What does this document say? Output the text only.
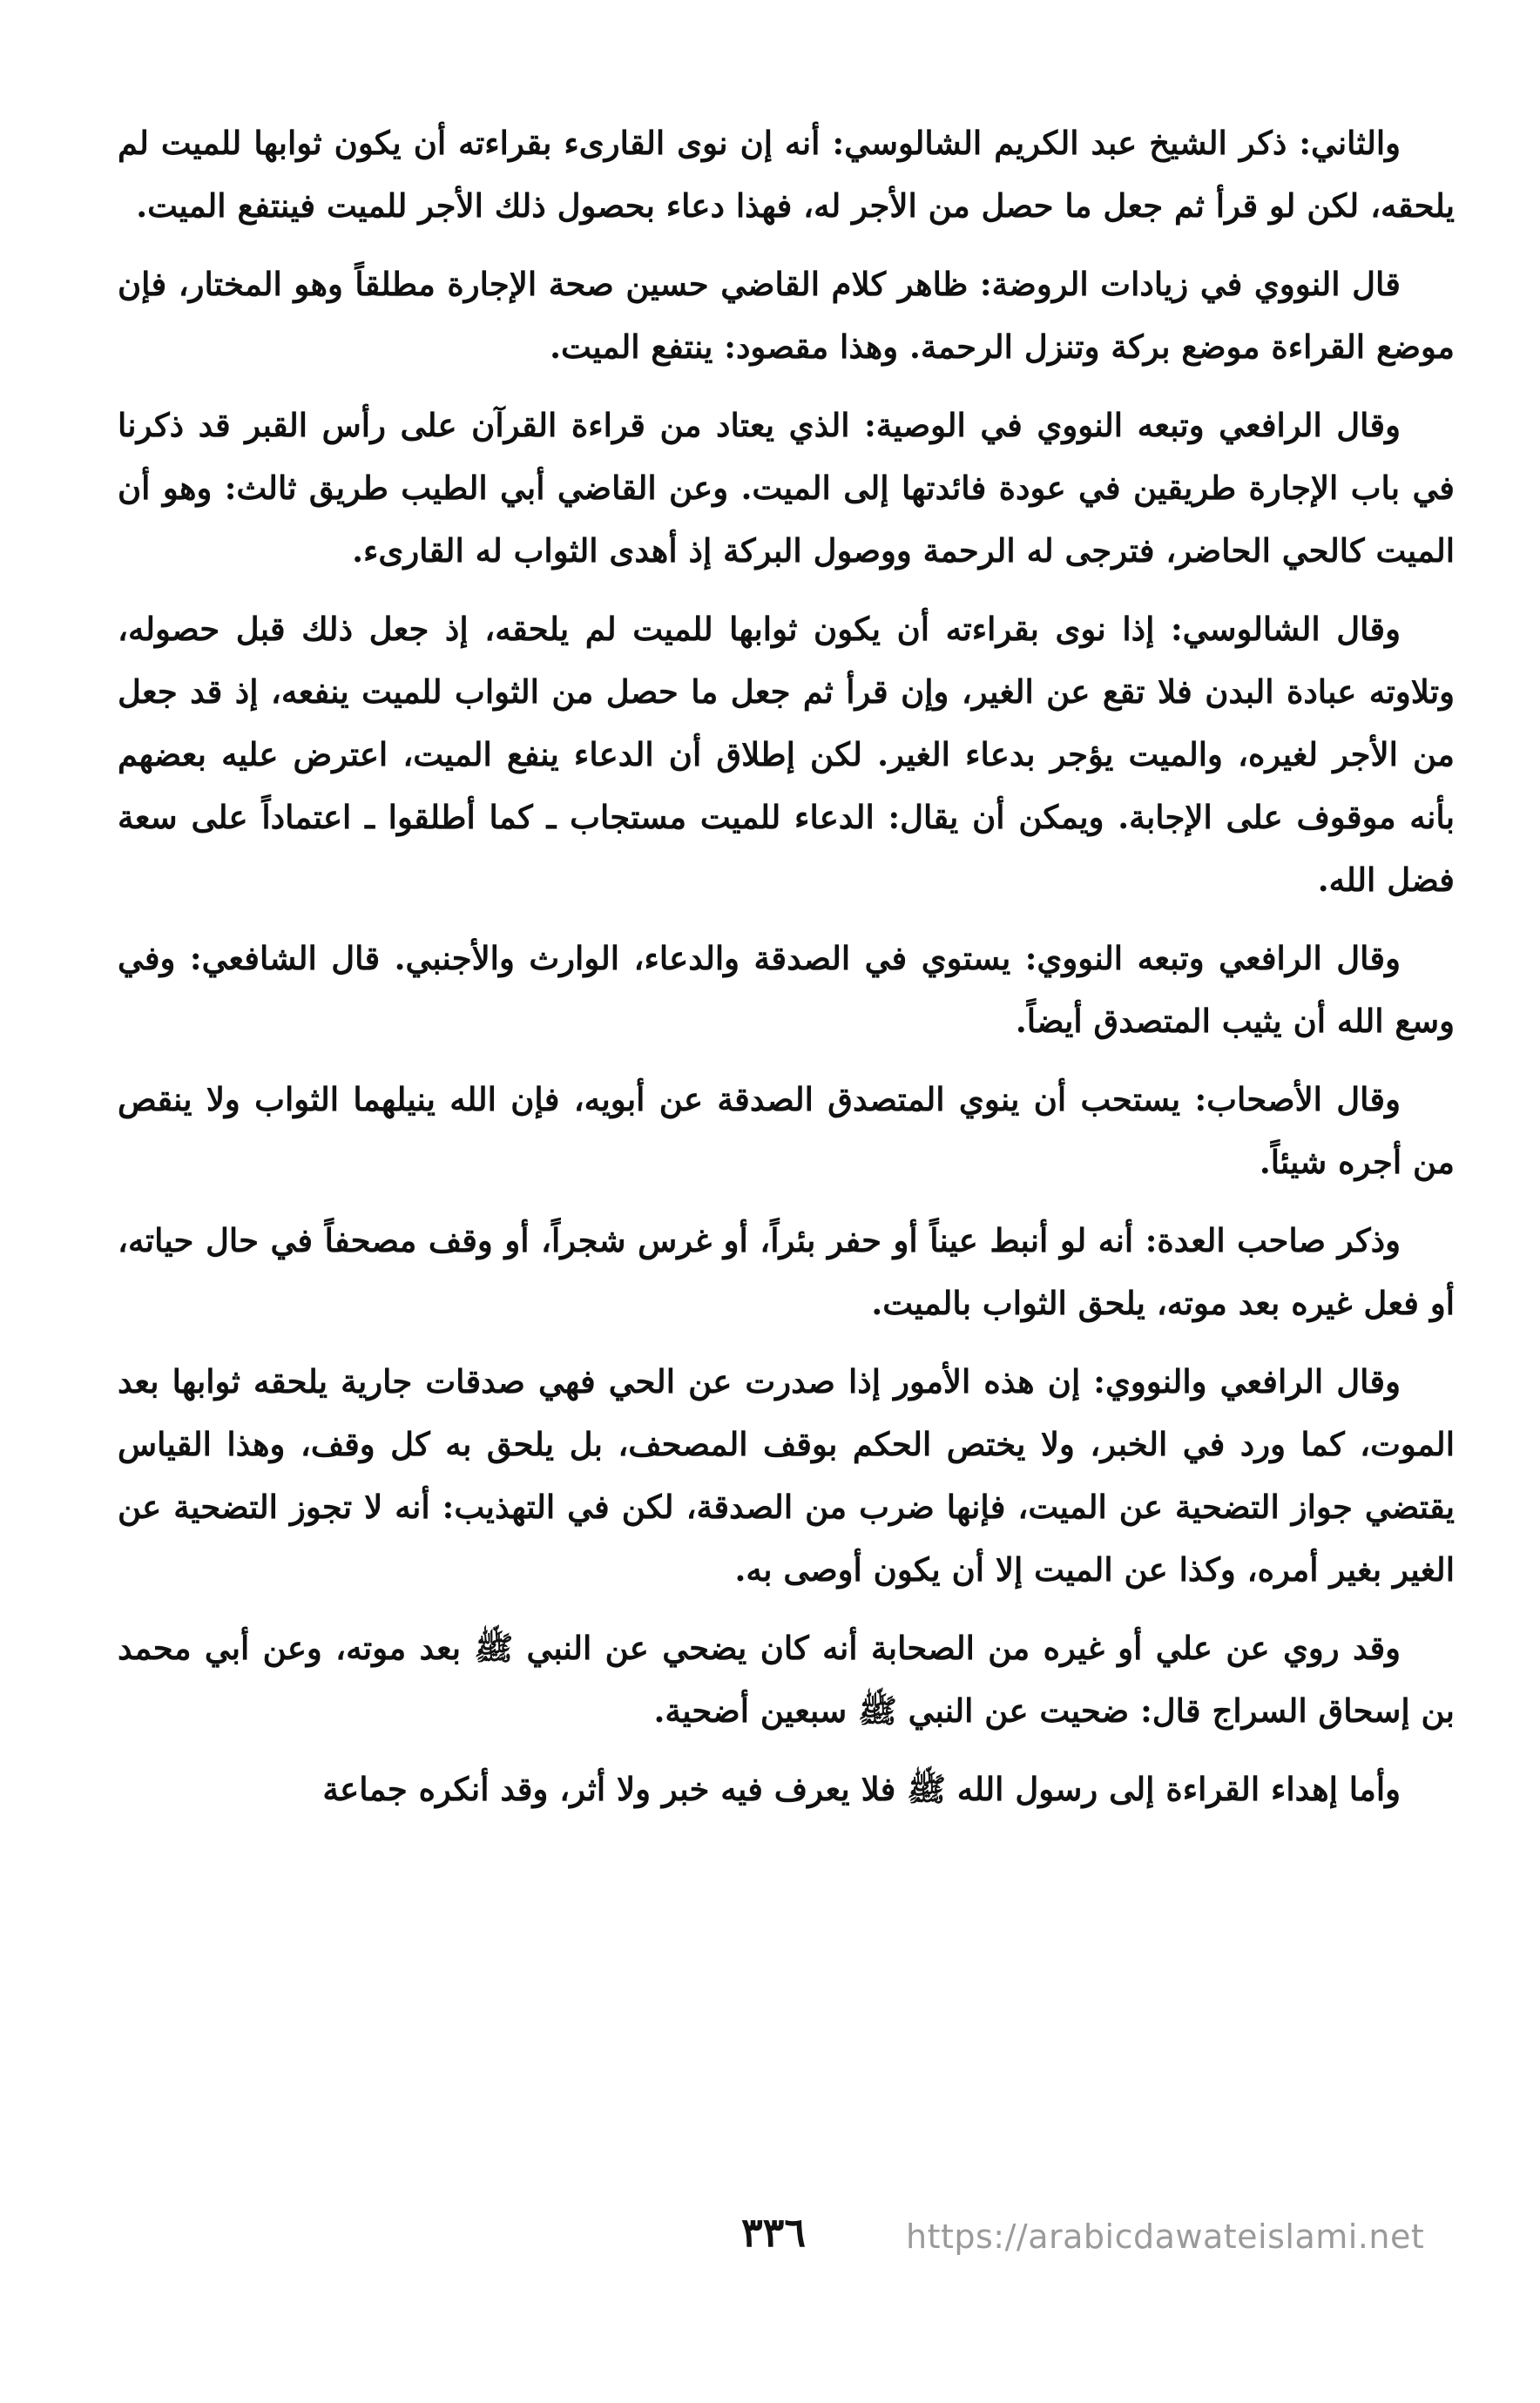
والثاني: ذكر الشيخ عبد الكريم الشالوسي: أنه إن نوى القارىء بقراءته أن يكون ثوابها للميت لم يلحقه، لكن لو قرأ ثم جعل ما حصل من الأجر له، فهذا دعاء بحصول ذلك الأجر للميت فينتفع الميت.

قال النووي في زيادات الروضة: ظاهر كلام القاضي حسين صحة الإجارة مطلقاً وهو المختار، فإن موضع القراءة موضع بركة وتنزل الرحمة. وهذا مقصود: ينتفع الميت.

وقال الرافعي وتبعه النووي في الوصية: الذي يعتاد من قراءة القرآن على رأس القبر قد ذكرنا في باب الإجارة طريقين في عودة فائدتها إلى الميت. وعن القاضي أبي الطيب طريق ثالث: وهو أن الميت كالحي الحاضر، فترجى له الرحمة ووصول البركة إذ أهدى الثواب له القارىء.

وقال الشالوسي: إذا نوى بقراءته أن يكون ثوابها للميت لم يلحقه، إذ جعل ذلك قبل حصوله، وتلاوته عبادة البدن فلا تقع عن الغير، وإن قرأ ثم جعل ما حصل من الثواب للميت ينفعه، إذ قد جعل من الأجر لغيره، والميت يؤجر بدعاء الغير. لكن إطلاق أن الدعاء ينفع الميت، اعترض عليه بعضهم بأنه موقوف على الإجابة. ويمكن أن يقال: الدعاء للميت مستجاب ـ كما أطلقوا ـ اعتماداً على سعة فضل الله.

وقال الرافعي وتبعه النووي: يستوي في الصدقة والدعاء، الوارث والأجنبي. قال الشافعي: وفي وسع الله أن يثيب المتصدق أيضاً.

وقال الأصحاب: يستحب أن ينوي المتصدق الصدقة عن أبويه، فإن الله ينيلهما الثواب ولا ينقص من أجره شيئاً.

وذكر صاحب العدة: أنه لو أنبط عيناً أو حفر بئراً، أو غرس شجراً، أو وقف مصحفاً في حال حياته، أو فعل غيره بعد موته، يلحق الثواب بالميت.

وقال الرافعي والنووي: إن هذه الأمور إذا صدرت عن الحي فهي صدقات جارية يلحقه ثوابها بعد الموت، كما ورد في الخبر، ولا يختص الحكم بوقف المصحف، بل يلحق به كل وقف، وهذا القياس يقتضي جواز التضحية عن الميت، فإنها ضرب من الصدقة، لكن في التهذيب: أنه لا تجوز التضحية عن الغير بغير أمره، وكذا عن الميت إلا أن يكون أوصى به.

وقد روي عن علي أو غيره من الصحابة أنه كان يضحي عن النبي ﷺ بعد موته، وعن أبي محمد بن إسحاق السراج قال: ضحيت عن النبي ﷺ سبعين أضحية.

وأما إهداء القراءة إلى رسول الله ﷺ فلا يعرف فيه خبر ولا أثر، وقد أنكره جماعة

٣٣٦	https://arabicdawateislami.net
